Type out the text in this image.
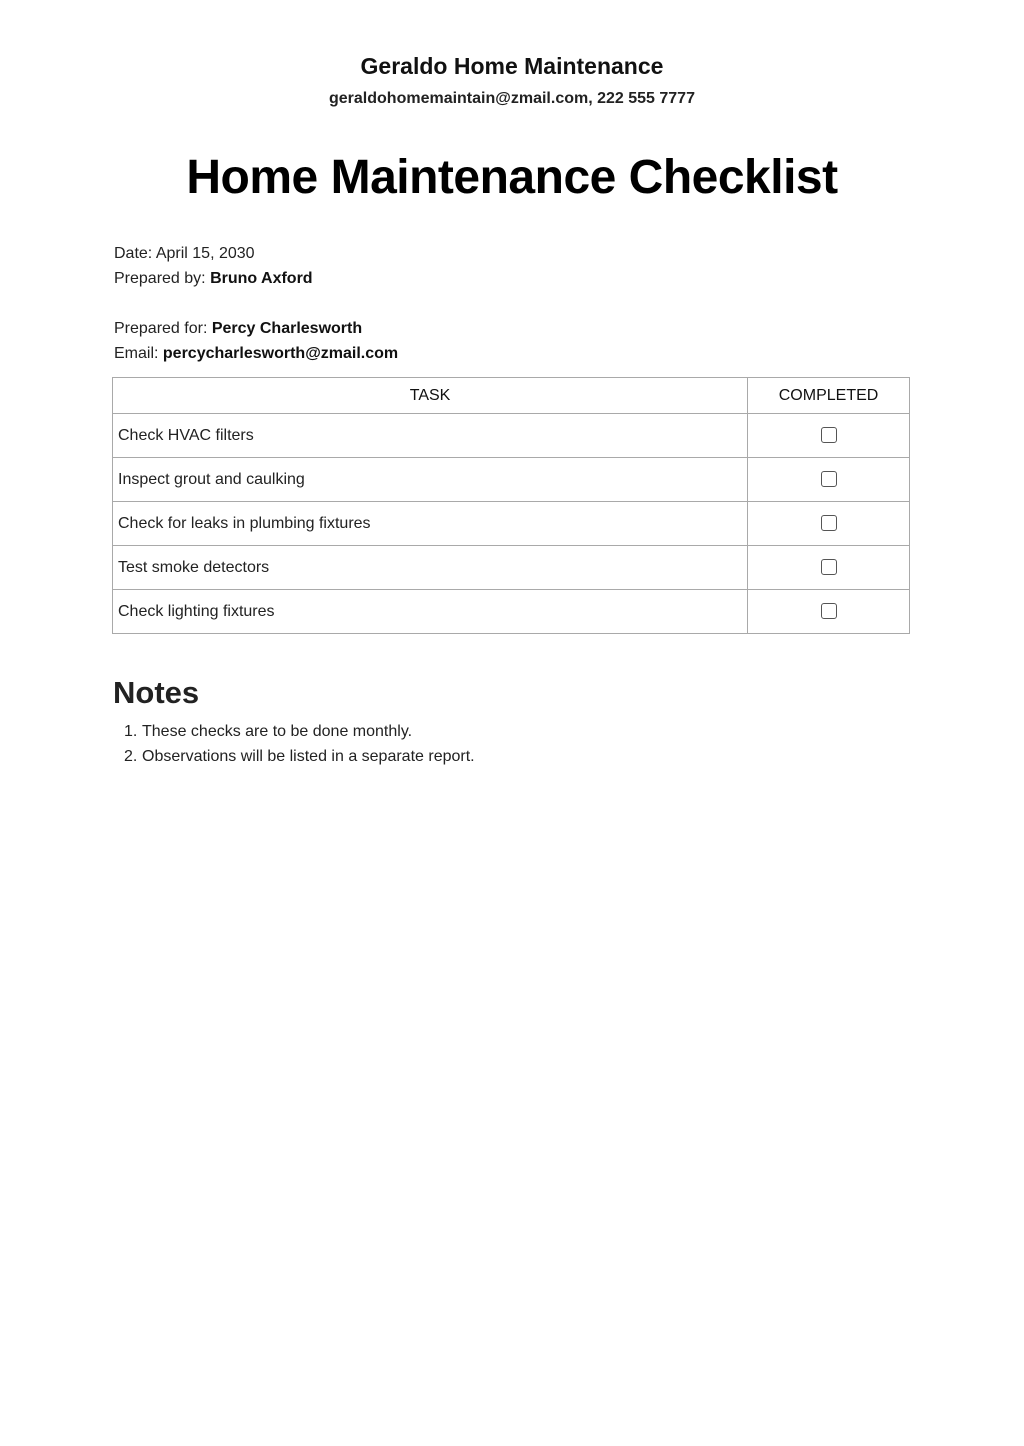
Geraldo Home Maintenance
geraldohomemaintain@zmail.com, 222 555 7777
Home Maintenance Checklist
Date: April 15, 2030
Prepared by: Bruno Axford
Prepared for: Percy Charlesworth
Email: percycharlesworth@zmail.com
TASK	COMPLETED
Check HVAC filters	
Inspect grout and caulking	
Check for leaks in plumbing fixtures	
Test smoke detectors	
Check lighting fixtures	
Notes
1. These checks are to be done monthly.
2. Observations will be listed in a separate report.
